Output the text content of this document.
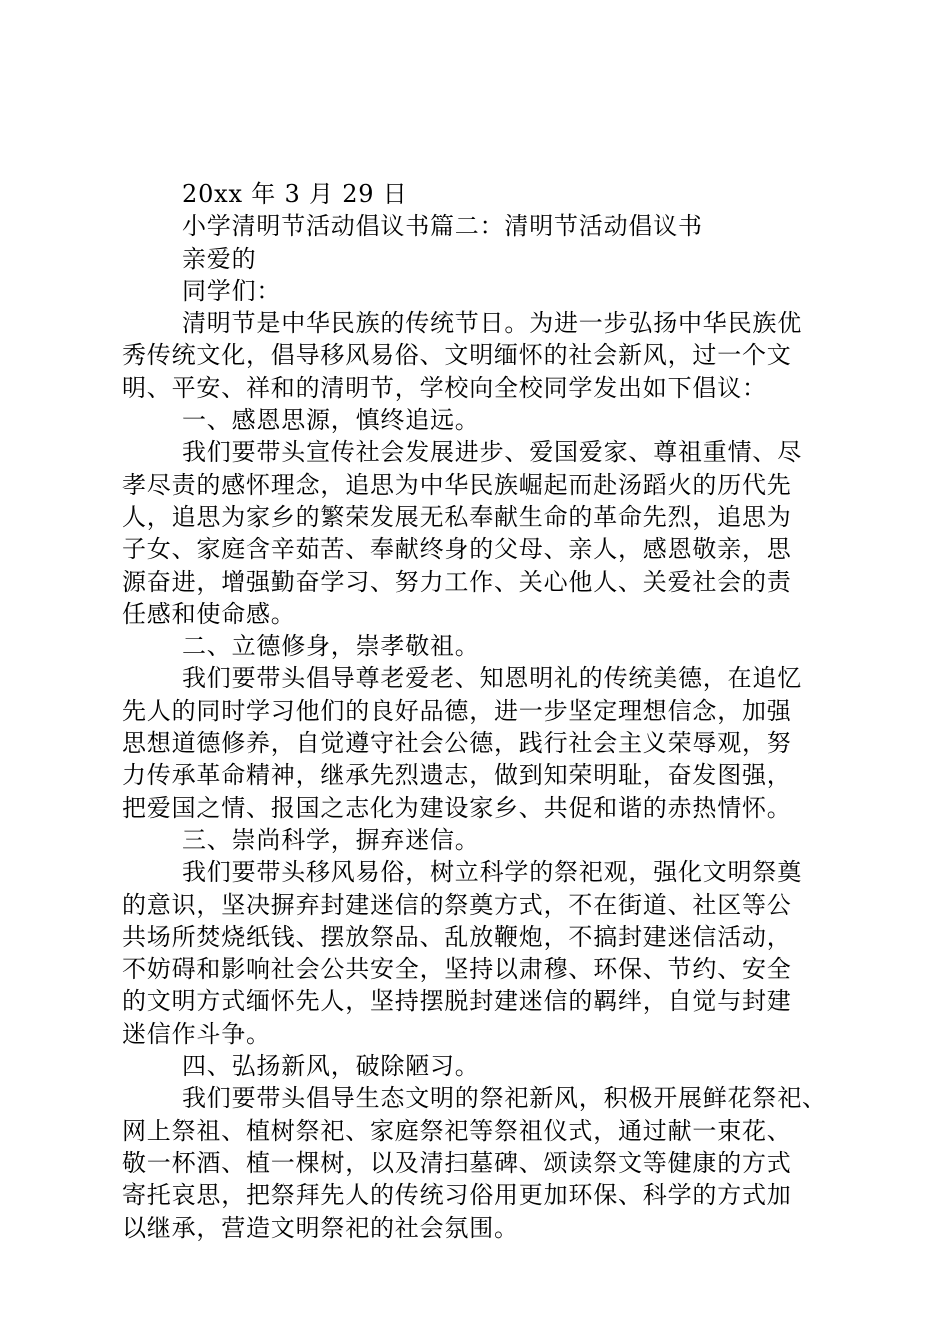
20xx 年 3 月 29 日
小学清明节活动倡议书篇二：清明节活动倡议书
亲爱的
同学们：
清明节是中华民族的传统节日。为进一步弘扬中华民族优
秀传统文化，倡导移风易俗、文明缅怀的社会新风，过一个文
明、平安、祥和的清明节，学校向全校同学发出如下倡议：
一、感恩思源，慎终追远。
我们要带头宣传社会发展进步、爱国爱家、尊祖重情、尽
孝尽责的感怀理念，追思为中华民族崛起而赴汤蹈火的历代先
人，追思为家乡的繁荣发展无私奉献生命的革命先烈，追思为
子女、家庭含辛茹苦、奉献终身的父母、亲人，感恩敬亲，思
源奋进，增强勤奋学习、努力工作、关心他人、关爱社会的责
任感和使命感。
二、立德修身，崇孝敬祖。
我们要带头倡导尊老爱老、知恩明礼的传统美德，在追忆
先人的同时学习他们的良好品德，进一步坚定理想信念，加强
思想道德修养，自觉遵守社会公德，践行社会主义荣辱观，努
力传承革命精神，继承先烈遗志，做到知荣明耻，奋发图强，
把爱国之情、报国之志化为建设家乡、共促和谐的赤热情怀。
三、崇尚科学，摒弃迷信。
我们要带头移风易俗，树立科学的祭祀观，强化文明祭奠
的意识，坚决摒弃封建迷信的祭奠方式，不在街道、社区等公
共场所焚烧纸钱、摆放祭品、乱放鞭炮，不搞封建迷信活动，
不妨碍和影响社会公共安全，坚持以肃穆、环保、节约、安全
的文明方式缅怀先人，坚持摆脱封建迷信的羁绊，自觉与封建
迷信作斗争。
四、弘扬新风，破除陋习。
我们要带头倡导生态文明的祭祀新风，积极开展鲜花祭祀、
网上祭祖、植树祭祀、家庭祭祀等祭祖仪式，通过献一束花、
敬一杯酒、植一棵树，以及清扫墓碑、颂读祭文等健康的方式
寄托哀思，把祭拜先人的传统习俗用更加环保、科学的方式加
以继承，营造文明祭祀的社会氛围。
